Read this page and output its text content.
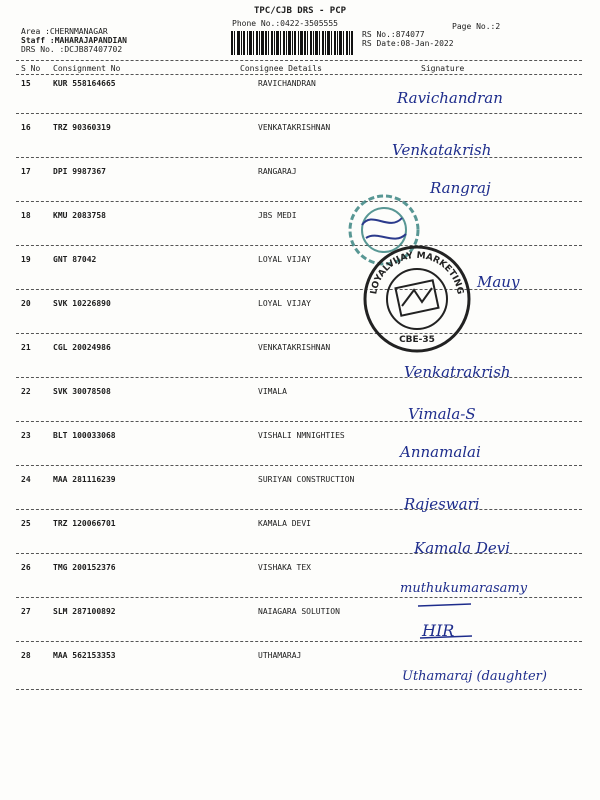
TPC/CJB DRS - PCP
Phone No.:0422-3505555	Page No.:2
Area :CHERNMANAGAR
Staff :MAHARAJAPANDIAN
DRS No. :DCJB87407702
RS No.:874077
RS Date:08-Jan-2022
S No Consignment No	Consignee Details	Signature
15	KUR 558164665	RAVICHANDRAN
Ravichandran
16	TRZ 90360319	VENKATAKRISHNAN
Venkatakrish
17	DPI 9987367	RANGARAJ
Rangraj
18	KMU 2083758	JBS MEDI
19	GNT 87042	LOYAL VIJAY
Mauy
20	SVK 10226890	LOYAL VIJAY
21	CGL 20024986	VENKATAKRISHNAN
Venkatrakrish
22	SVK 30078508	VIMALA
Vimala-S
23	BLT 100033068	VISHALI NMNIGHTIES
Annamalai
24	MAA 281116239	SURIYAN CONSTRUCTION
Rajeswari
25	TRZ 120066701	KAMALA DEVI
Kamala Devi
26	TMG 200152376	VISHAKA TEX
muthukumarasamy
27	SLM 287100892	NAIAGARA SOLUTION
HIR
28	MAA 562153353	UTHAMARAJ
Uthamaraj (daughter)
LOYALVIJAY MARKETING
CBE-35
